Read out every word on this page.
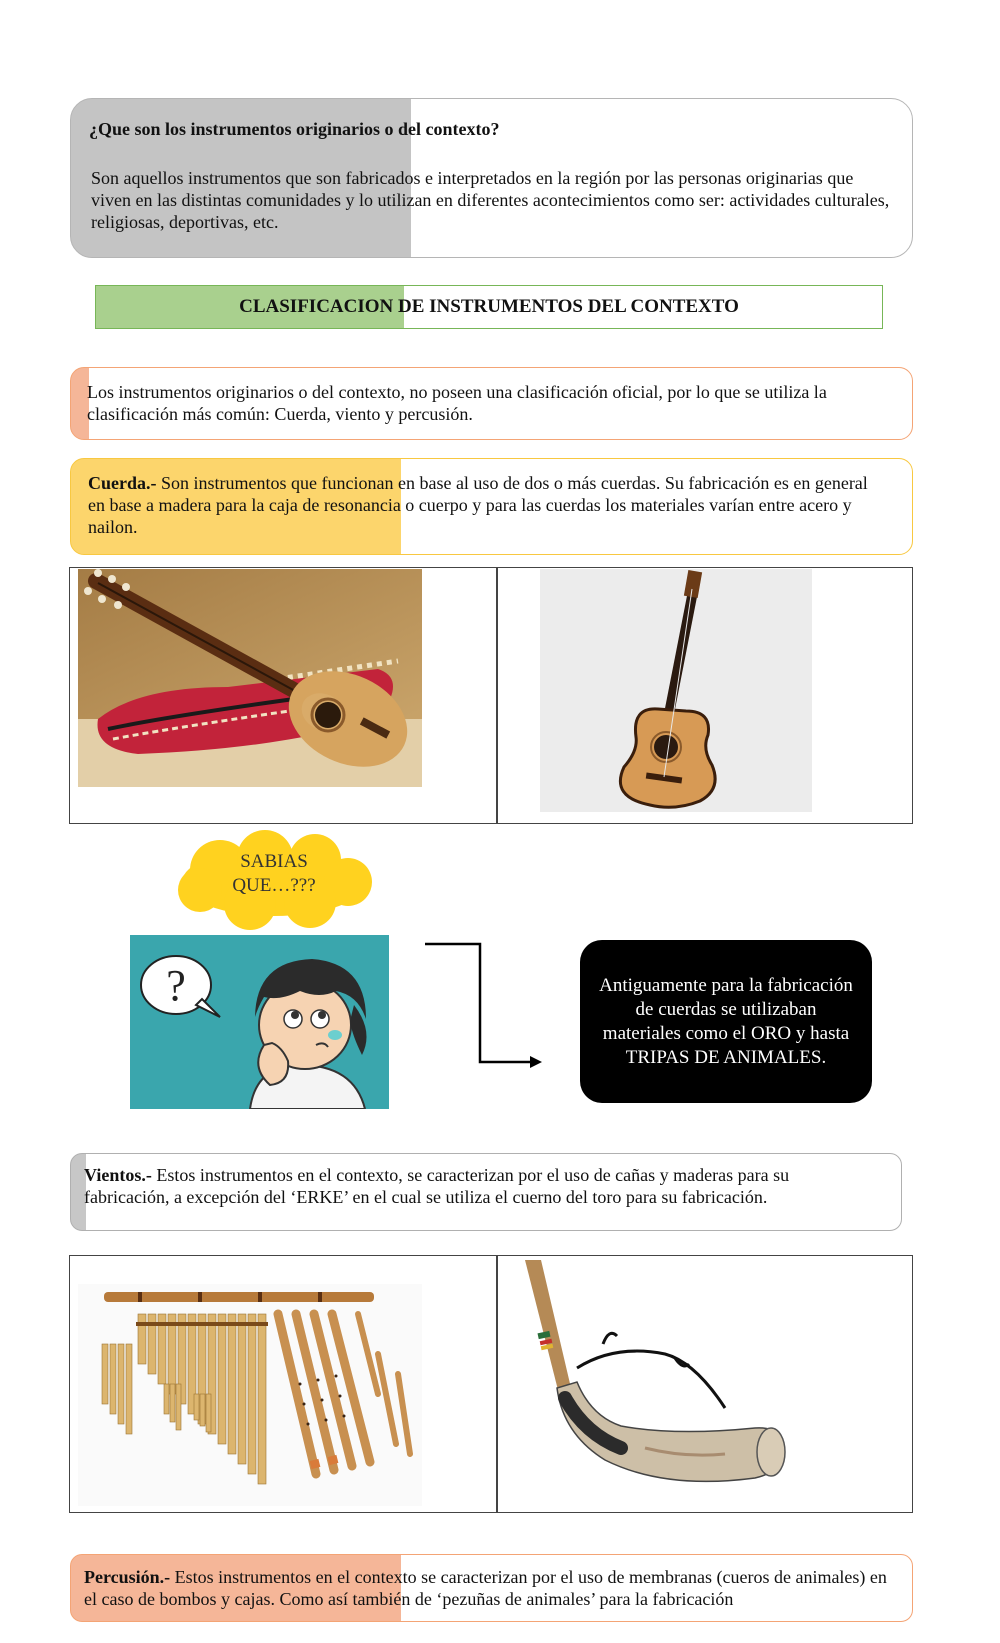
¿Que son los instrumentos originarios o del contexto?

Son aquellos instrumentos que son fabricados e interpretados en la región por las personas originarias que viven en las distintas comunidades y lo utilizan en diferentes acontecimientos como ser: actividades culturales, religiosas, deportivas, etc.

CLASIFICACION DE INSTRUMENTOS DEL CONTEXTO

Los instrumentos originarios o del contexto, no poseen una clasificación oficial, por lo que se utiliza la clasificación más común: Cuerda, viento y percusión.

Cuerda.- Son instrumentos que funcionan en base al uso de dos o más cuerdas. Su fabricación es en general en base a madera para la caja de resonancia o cuerpo y para las cuerdas los materiales varían entre acero y nailon.

SABIAS
QUE…???
?	Antiguamente para la fabricación de cuerdas se utilizaban materiales como el ORO y hasta TRIPAS DE ANIMALES.

Vientos.- Estos instrumentos en el contexto, se caracterizan por el uso de cañas y maderas para su fabricación, a excepción del ‘ERKE’ en el cual se utiliza el cuerno del toro para su fabricación.

Percusión.- Estos instrumentos en el contexto se caracterizan por el uso de membranas (cueros de animales) en el caso de bombos y cajas. Como así también de ‘pezuñas de animales’ para la fabricación
